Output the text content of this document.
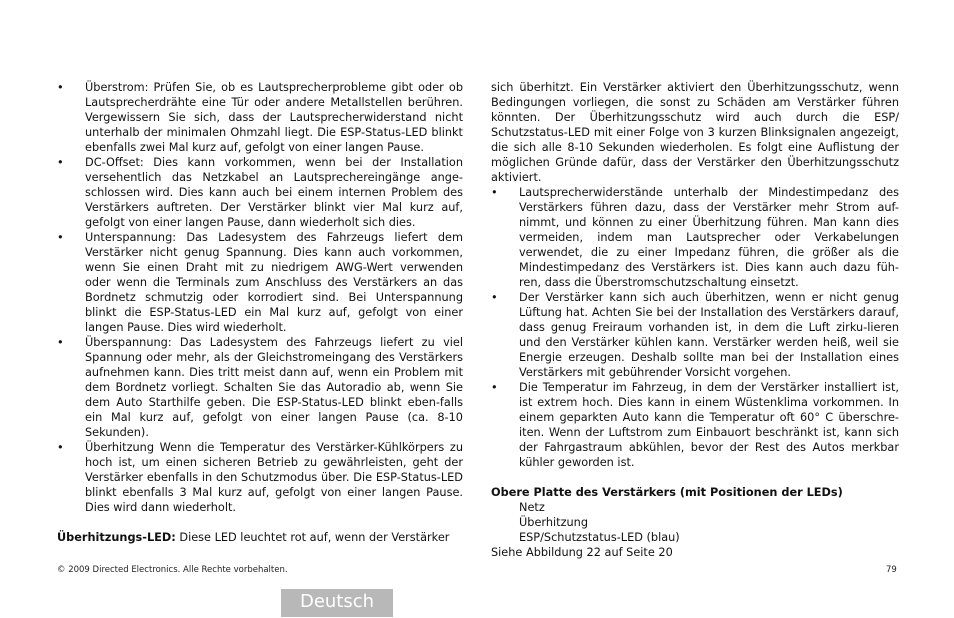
• Überstrom: Prüfen Sie, ob es Lautsprecherprobleme gibt oder ob Lautsprecherdrähte eine Tür oder andere Metallstellen berühren. Vergewissern Sie sich, dass der Lautsprecherwiderstand nicht unterhalb der minimalen Ohmzahl liegt. Die ESP-Status-LED blinkt ebenfalls zwei Mal kurz auf, gefolgt von einer langen Pause.
• DC-Offset: Dies kann vorkommen, wenn bei der Installation versehentlich das Netzkabel an Lautsprechereingänge ange-schlossen wird. Dies kann auch bei einem internen Problem des Verstärkers auftreten. Der Verstärker blinkt vier Mal kurz auf, gefolgt von einer langen Pause, dann wiederholt sich dies.
• Unterspannung: Das Ladesystem des Fahrzeugs liefert dem Verstärker nicht genug Spannung. Dies kann auch vorkommen, wenn Sie einen Draht mit zu niedrigem AWG-Wert verwenden oder wenn die Terminals zum Anschluss des Verstärkers an das Bordnetz schmutzig oder korrodiert sind. Bei Unterspannung blinkt die ESP-Status-LED ein Mal kurz auf, gefolgt von einer langen Pause. Dies wird wiederholt.
• Überspannung: Das Ladesystem des Fahrzeugs liefert zu viel Spannung oder mehr, als der Gleichstromeingang des Verstärkers aufnehmen kann. Dies tritt meist dann auf, wenn ein Problem mit dem Bordnetz vorliegt. Schalten Sie das Autoradio ab, wenn Sie dem Auto Starthilfe geben. Die ESP-Status-LED blinkt eben-falls ein Mal kurz auf, gefolgt von einer langen Pause (ca. 8-10 Sekunden).
• Überhitzung Wenn die Temperatur des Verstärker-Kühlkörpers zu hoch ist, um einen sicheren Betrieb zu gewährleisten, geht der Verstärker ebenfalls in den Schutzmodus über. Die ESP-Status-LED blinkt ebenfalls 3 Mal kurz auf, gefolgt von einer langen Pause. Dies wird dann wiederholt.
Überhitzungs-LED: Diese LED leuchtet rot auf, wenn der Verstärker
sich überhitzt. Ein Verstärker aktiviert den Überhitzungsschutz, wenn Bedingungen vorliegen, die sonst zu Schäden am Verstärker führen könnten. Der Überhitzungsschutz wird auch durch die ESP/ Schutzstatus-LED mit einer Folge von 3 kurzen Blinksignalen angezeigt, die sich alle 8-10 Sekunden wiederholen. Es folgt eine Auflistung der möglichen Gründe dafür, dass der Verstärker den Überhitzungsschutz aktiviert.
• Lautsprecherwiderstände unterhalb der Mindestimpedanz des Verstärkers führen dazu, dass der Verstärker mehr Strom auf-nimmt, und können zu einer Überhitzung führen. Man kann dies vermeiden, indem man Lautsprecher oder Verkabelungen verwendet, die zu einer Impedanz führen, die größer als die Mindestimpedanz des Verstärkers ist. Dies kann auch dazu füh-ren, dass die Überstromschutzschaltung einsetzt.
• Der Verstärker kann sich auch überhitzen, wenn er nicht genug Lüftung hat. Achten Sie bei der Installation des Verstärkers darauf, dass genug Freiraum vorhanden ist, in dem die Luft zirku-lieren und den Verstärker kühlen kann. Verstärker werden heiß, weil sie Energie erzeugen. Deshalb sollte man bei der Installation eines Verstärkers mit gebührender Vorsicht vorgehen.
• Die Temperatur im Fahrzeug, in dem der Verstärker installiert ist, ist extrem hoch. Dies kann in einem Wüstenklima vorkommen. In einem geparkten Auto kann die Temperatur oft 60° C überschre-iten. Wenn der Luftstrom zum Einbauort beschränkt ist, kann sich der Fahrgastraum abkühlen, bevor der Rest des Autos merkbar kühler geworden ist.
Obere Platte des Verstärkers (mit Positionen der LEDs)
Netz
Überhitzung
ESP/Schutzstatus-LED (blau)
Siehe Abbildung 22 auf Seite 20
© 2009 Directed Electronics. Alle Rechte vorbehalten.	79
Deutsch
